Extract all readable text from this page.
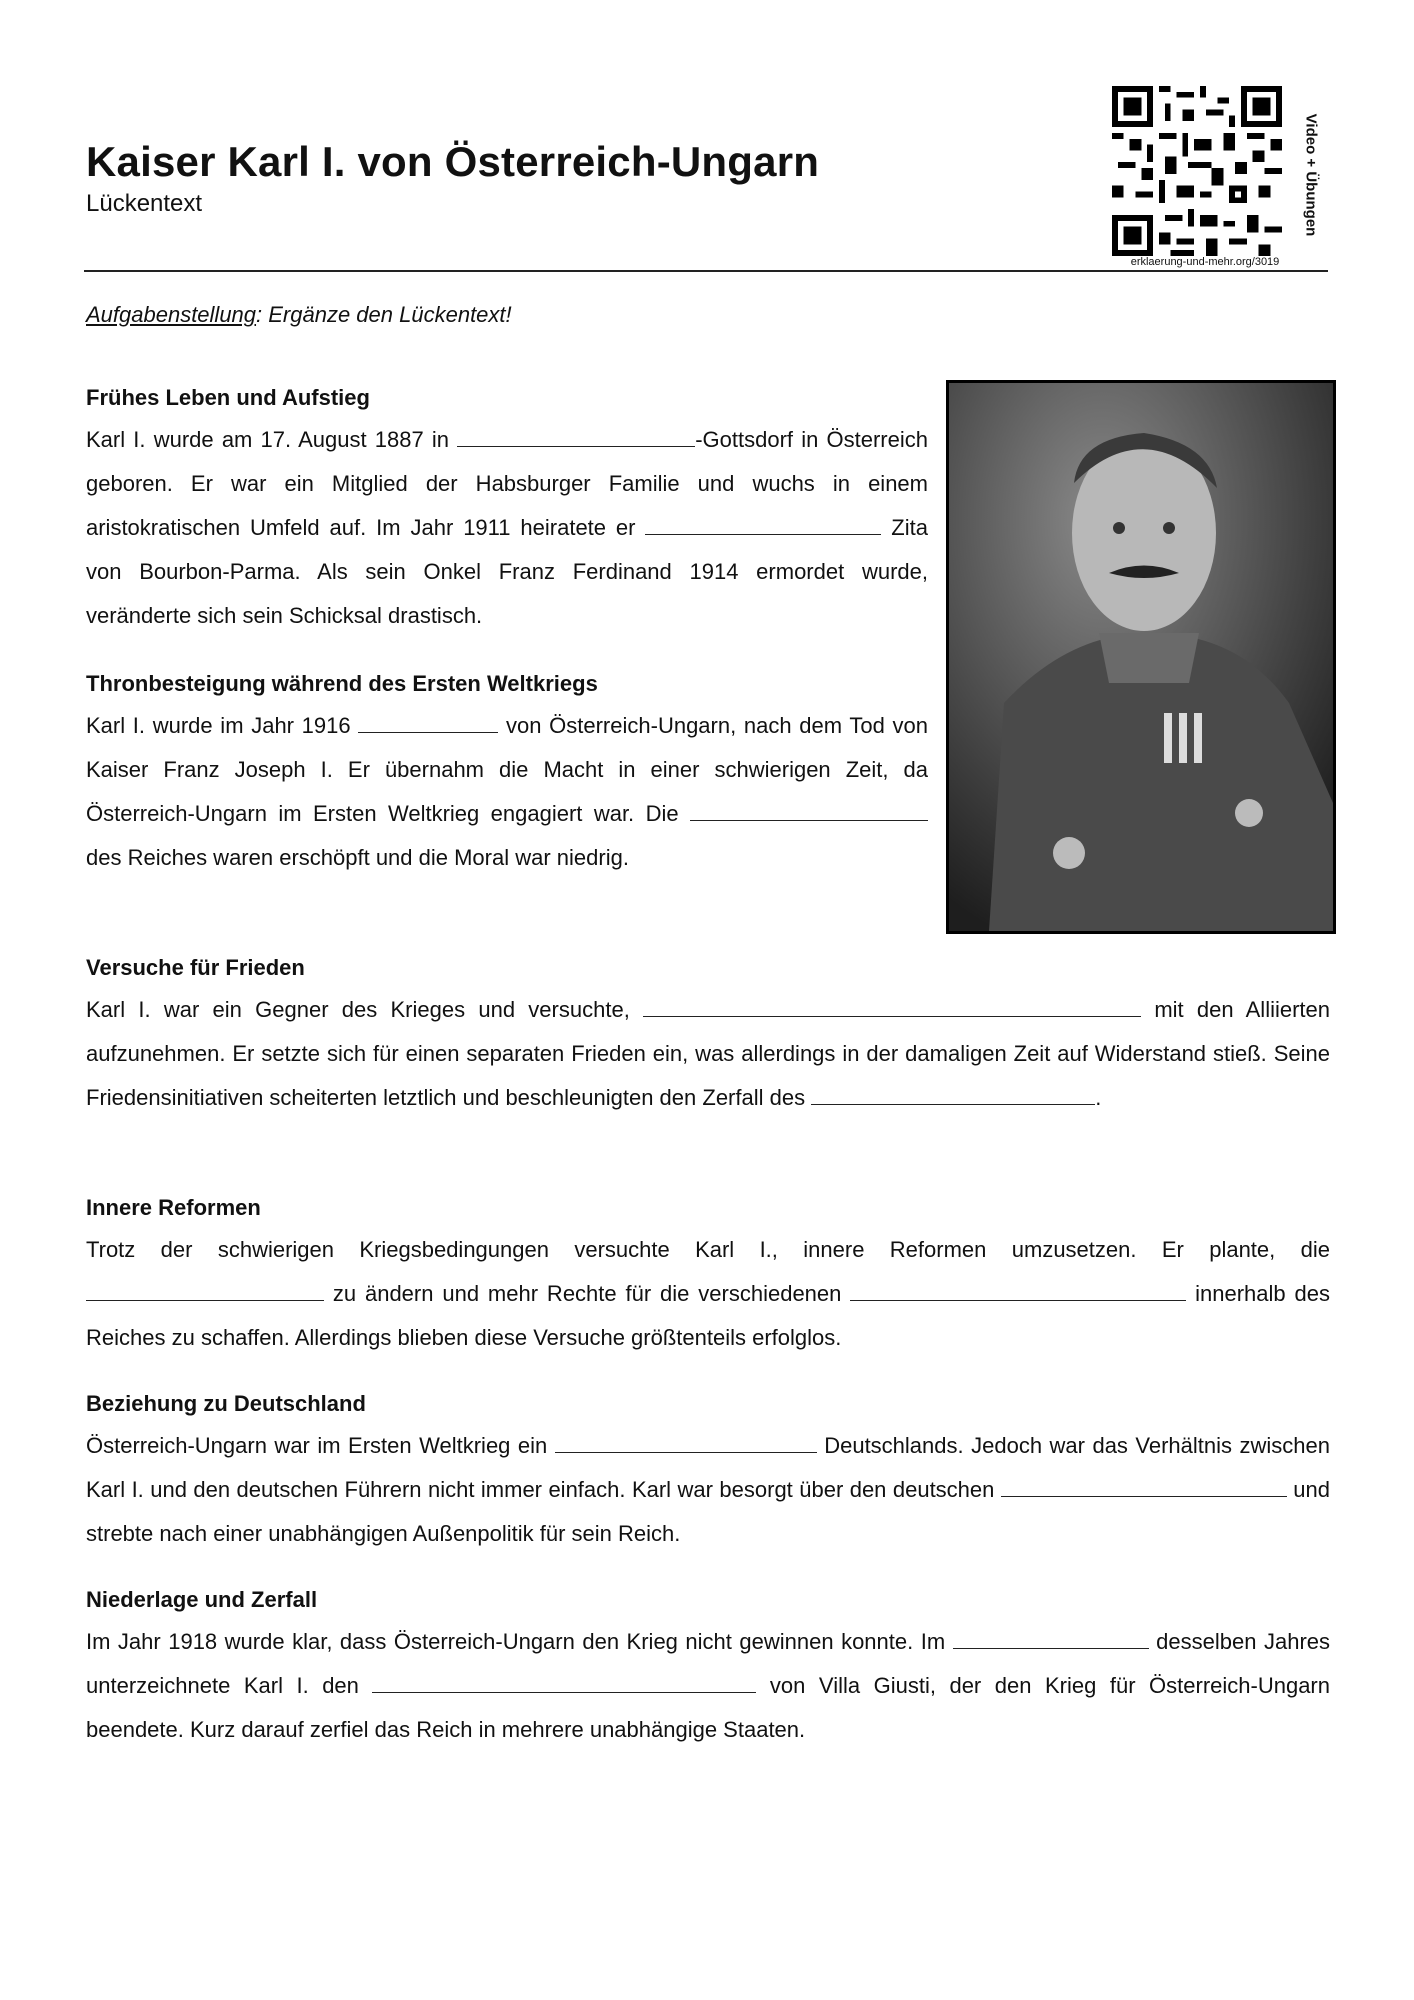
Kaiser Karl I. von Österreich-Ungarn
Lückentext	Video + Übungen
erklaerung-und-mehr.org/3019
Aufgabenstellung: Ergänze den Lückentext!
Frühes Leben und Aufstieg
Karl I. wurde am 17. August 1887 in	-Gottsdorf in Österreich geboren. Er war ein Mitglied der Habsburger Familie und wuchs in einem aristokratischen Umfeld auf. Im Jahr 1911 heiratete er	Zita von Bourbon-Parma. Als sein Onkel Franz Ferdinand 1914 ermordet wurde, veränderte sich sein Schicksal drastisch.
Thronbesteigung während des Ersten Weltkriegs
Karl I. wurde im Jahr 1916	von Österreich-Ungarn, nach dem Tod von Kaiser Franz Joseph I. Er übernahm die Macht in einer schwierigen Zeit, da Österreich-Ungarn im Ersten Weltkrieg engagiert war. Die  des Reiches waren erschöpft und die Moral war niedrig.
Versuche für Frieden
Karl I. war ein Gegner des Krieges und versuchte,	mit den Alliierten aufzunehmen. Er setzte sich für einen separaten Frieden ein, was allerdings in der damaligen Zeit auf Widerstand stieß. Seine Friedensinitiativen scheiterten letztlich und beschleunigten den Zerfall des	.
Innere Reformen
Trotz der schwierigen Kriegsbedingungen versuchte Karl I., innere Reformen umzusetzen. Er plante, die  zu ändern und mehr Rechte für die verschiedenen	innerhalb des Reiches zu schaffen. Allerdings blieben diese Versuche größtenteils erfolglos.
Beziehung zu Deutschland
Österreich-Ungarn war im Ersten Weltkrieg ein	Deutschlands. Jedoch war das Verhältnis zwischen Karl I. und den deutschen Führern nicht immer einfach. Karl war besorgt über den deutschen	und strebte nach einer unabhängigen Außenpolitik für sein Reich.
Niederlage und Zerfall
Im Jahr 1918 wurde klar, dass Österreich-Ungarn den Krieg nicht gewinnen konnte. Im	desselben Jahres unterzeichnete Karl I. den	von Villa Giusti, der den Krieg für Österreich-Ungarn beendete. Kurz darauf zerfiel das Reich in mehrere unabhängige Staaten.
